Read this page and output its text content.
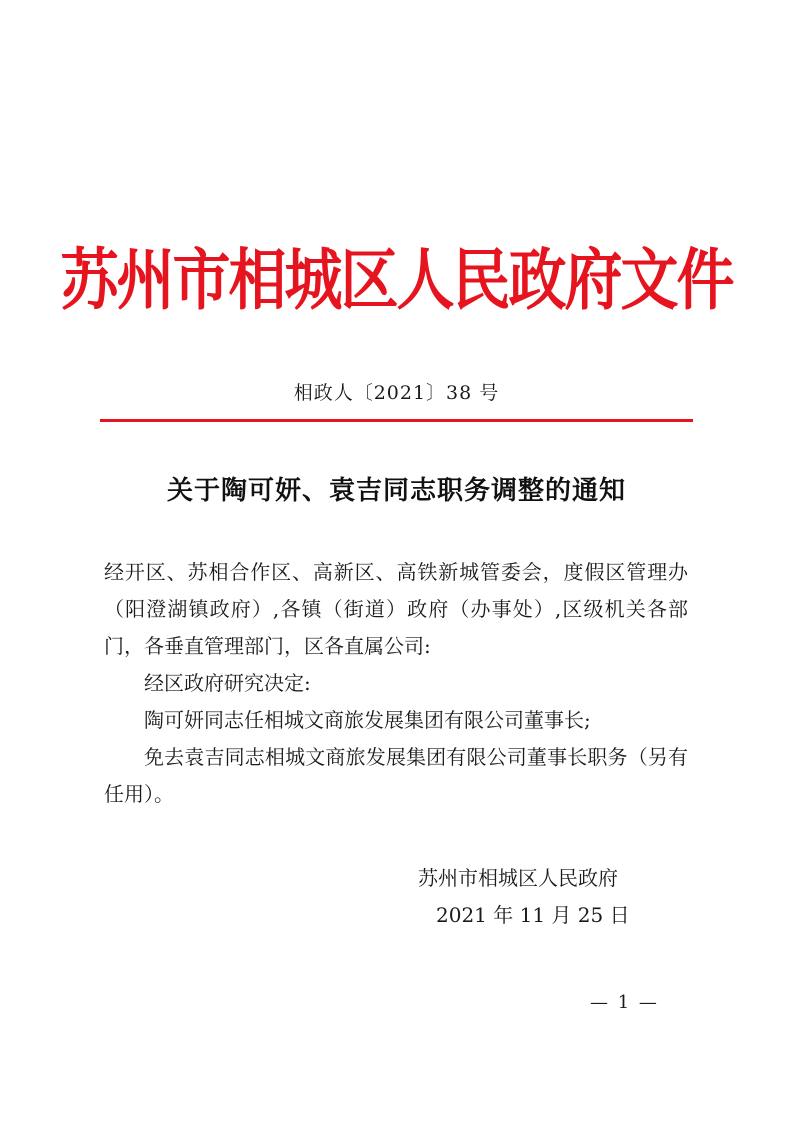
苏州市相城区人民政府文件
相政人〔2021〕38 号
关于陶可妍、袁吉同志职务调整的通知

经开区、苏相合作区、高新区、高铁新城管委会，度假区管理办（阳澄湖镇政府）,各镇（街道）政府（办事处）,区级机关各部门，各垂直管理部门，区各直属公司:

经区政府研究决定:

陶可妍同志任相城文商旅发展集团有限公司董事长;

免去袁吉同志相城文商旅发展集团有限公司董事长职务（另有任用）。

苏州市相城区人民政府
2021 年 11 月 25 日
— 1 —
